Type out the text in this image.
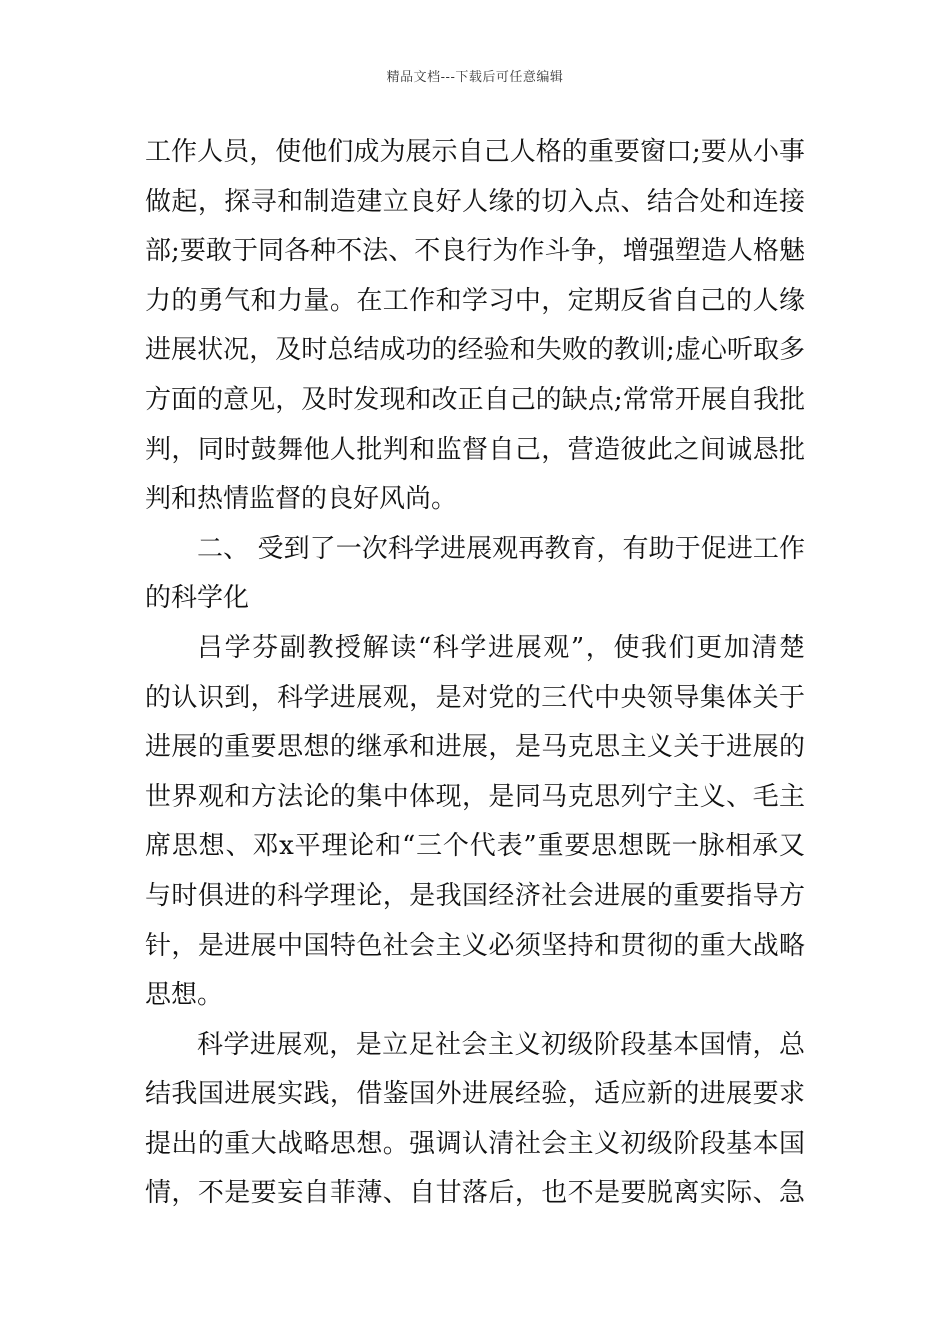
精品文档---下载后可任意编辑
工作人员，使他们成为展示自己人格的重要窗口;要从小事
做起，探寻和制造建立良好人缘的切入点、结合处和连接
部;要敢于同各种不法、不良行为作斗争，增强塑造人格魅
力的勇气和力量。在工作和学习中，定期反省自己的人缘
进展状况，及时总结成功的经验和失败的教训;虚心听取多
方面的意见，及时发现和改正自己的缺点;常常开展自我批
判，同时鼓舞他人批判和监督自己，营造彼此之间诚恳批
判和热情监督的良好风尚。
二、 受到了一次科学进展观再教育，有助于促进工作
的科学化
吕学芬副教授解读“科学进展观”，使我们更加清楚
的认识到，科学进展观，是对党的三代中央领导集体关于
进展的重要思想的继承和进展，是马克思主义关于进展的
世界观和方法论的集中体现，是同马克思列宁主义、毛主
席思想、邓x平理论和“三个代表”重要思想既一脉相承又
与时俱进的科学理论，是我国经济社会进展的重要指导方
针，是进展中国特色社会主义必须坚持和贯彻的重大战略
思想。
科学进展观，是立足社会主义初级阶段基本国情，总
结我国进展实践，借鉴国外进展经验，适应新的进展要求
提出的重大战略思想。强调认清社会主义初级阶段基本国
情，不是要妄自菲薄、自甘落后，也不是要脱离实际、急
